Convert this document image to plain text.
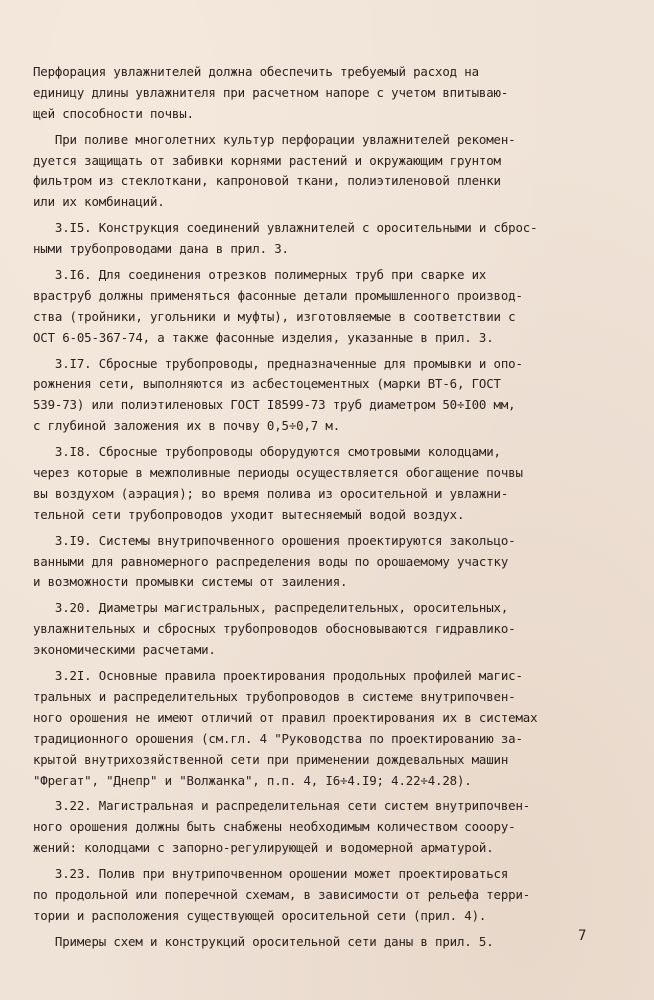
Перфорация увлажнителей должна обеспечить требуемый расход на
единицу длины увлажнителя при расчетном напоре с учетом впитываю-
щей способности почвы.
При поливе многолетних культур перфорации увлажнителей рекомен-
дуется защищать от забивки корнями растений и окружающим грунтом
фильтром из стеклоткани, капроновой ткани, полиэтиленовой пленки
или их комбинаций.
3.I5. Конструкция соединений увлажнителей с оросительными и сброс-
ными трубопроводами дана в прил. 3.
3.I6. Для соединения отрезков полимерных труб при сварке их
враструб должны применяться фасонные детали промышленного производ-
ства (тройники, угольники и муфты), изготовляемые в соответствии с
ОСТ 6-05-367-74, а также фасонные изделия, указанные в прил. 3.
3.I7. Сбросные трубопроводы, предназначенные для промывки и опо-
рожнения сети, выполняются из асбестоцементных (марки ВТ-6, ГОСТ
539-73) или полиэтиленовых ГОСТ I8599-73 труб диаметром 50÷I00 мм,
с глубиной заложения их в почву 0,5÷0,7 м.
3.I8. Сбросные трубопроводы оборудуются смотровыми колодцами,
через которые в межполивные периоды осуществляется обогащение почвы
вы воздухом (аэрация); во время полива из оросительной и увлажни-
тельной сети трубопроводов уходит вытесняемый водой воздух.
3.I9. Системы внутрипочвенного орошения проектируются закольцо-
ванными для равномерного распределения воды по орошаемому участку
и возможности промывки системы от заиления.
3.20. Диаметры магистральных, распределительных, оросительных,
увлажнительных и сбросных трубопроводов обосновываются гидравлико-
экономическими расчетами.
3.2I. Основные правила проектирования продольных профилей магис-
тральных и распределительных трубопроводов в системе внутрипочвен-
ного орошения не имеют отличий от правил проектирования их в системах
традиционного орошения (см.гл. 4 "Руководства по проектированию за-
крытой внутрихозяйственной сети при применении дождевальных машин
"Фрегат", "Днепр" и "Волжанка", п.п. 4, I6÷4.I9; 4.22÷4.28).
3.22. Магистральная и распределительная сети систем внутрипочвен-
ного орошения должны быть снабжены необходимым количеством сооору-
жений: колодцами с запорно-регулирующей и водомерной арматурой.
3.23. Полив при внутрипочвенном орошении может проектироваться
по продольной или поперечной схемам, в зависимости от рельефа терри-
тории и расположения существующей оросительной сети (прил. 4).
Примеры схем и конструкций оросительной сети даны в прил. 5.	7
